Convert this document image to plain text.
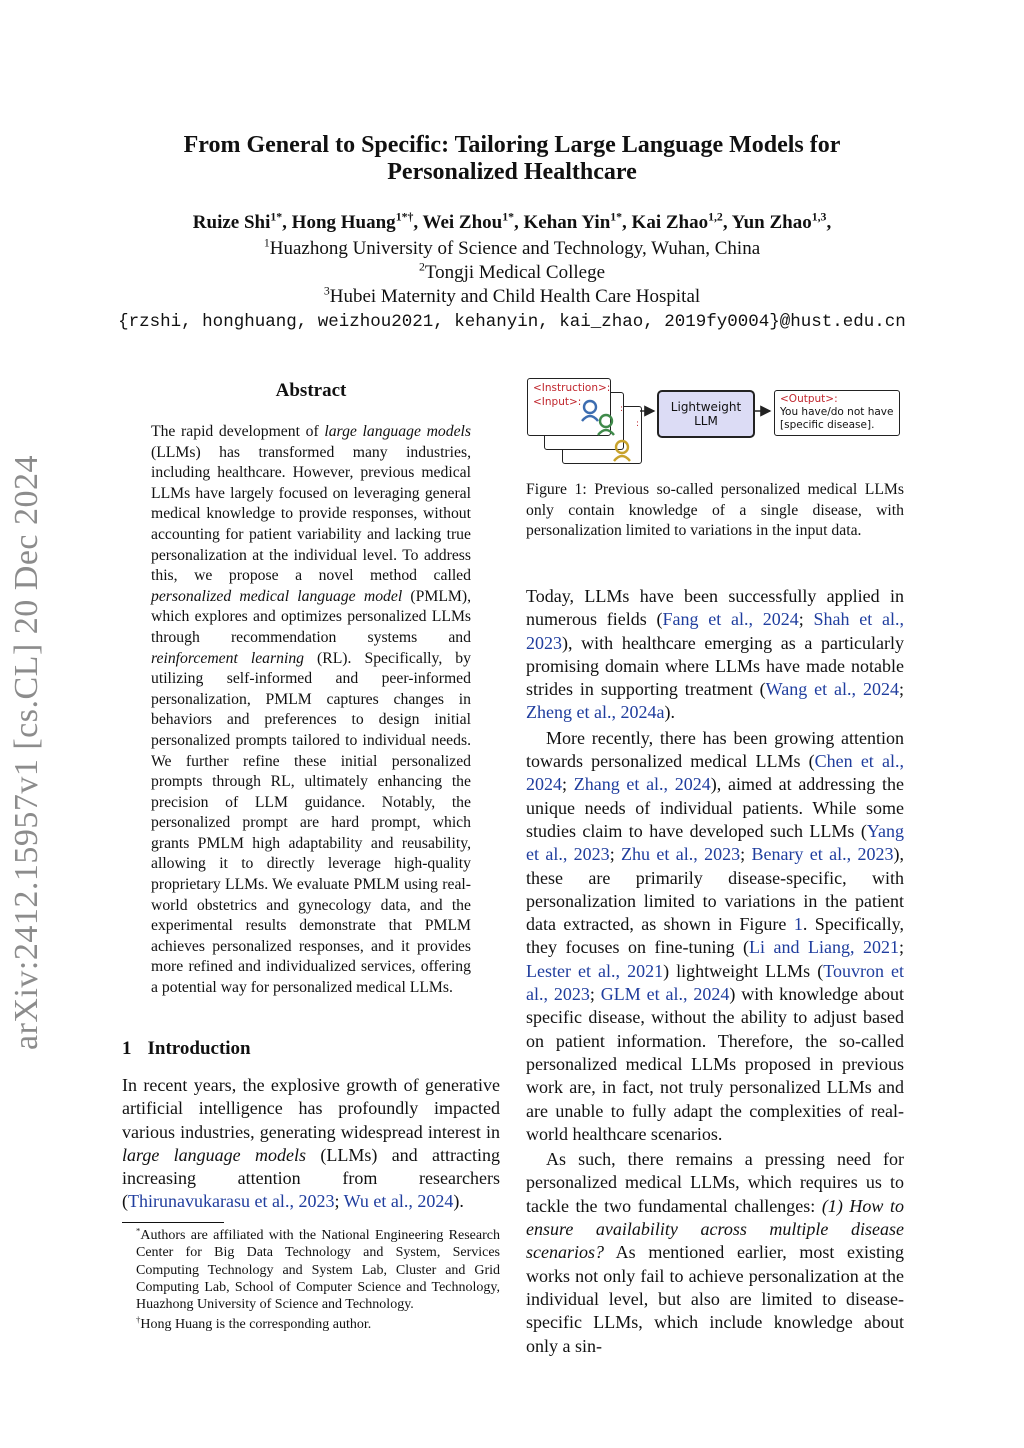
From General to Specific: Tailoring Large Language Models for
Personalized Healthcare
Ruize Shi$^{1*}$, Hong Huang$^{1*\dagger}$, Wei Zhou$^{1*}$, Kehan Yin$^{1*}$, Kai Zhao$^{1,2}$, Yun Zhao$^{1,3}$,
$^1$Huazhong University of Science and Technology, Wuhan, China
$^2$Tongji Medical College
$^3$Hubei Maternity and Child Health Care Hospital
{rzshi, honghuang, weizhou2021, kehanyin, kai_zhao, 2019fy0004}@hust.edu.cn
arXiv:2412.15957v1 [cs.CL] 20 Dec 2024
Abstract
The rapid development of large language models (LLMs) has transformed many industries, including healthcare. However, previous medical LLMs have largely focused on leveraging general medical knowledge to provide responses, without accounting for patient variability and lacking true personalization at the individual level. To address this, we propose a novel method called personalized medical language model (PMLM), which explores and optimizes personalized LLMs through recommendation systems and reinforcement learning (RL). Specifically, by utilizing self-informed and peer-informed personalization, PMLM captures changes in behaviors and preferences to design initial personalized prompts tailored to individual needs. We further refine these initial personalized prompts through RL, ultimately enhancing the precision of LLM guidance. Notably, the personalized prompt are hard prompt, which grants PMLM high adaptability and reusability, allowing it to directly leverage high-quality proprietary LLMs. We evaluate PMLM using real-world obstetrics and gynecology data, and the experimental results demonstrate that PMLM achieves personalized responses, and it provides more refined and individualized services, offering a potential way for personalized medical LLMs.
1 Introduction
In recent years, the explosive growth of generative artificial intelligence has profoundly impacted various industries, generating widespread interest in large language models (LLMs) and attracting increasing attention from researchers (Thirunavukarasu et al., 2023; Wu et al., 2024).

*Authors are affiliated with the National Engineering Research Center for Big Data Technology and System, Services Computing Technology and System Lab, Cluster and Grid Computing Lab, School of Computer Science and Technology, Huazhong University of Science and Technology.

†Hong Huang is the corresponding author.

<Instruction>:
<Input>:
:
:
Lightweight
LLM
<Output>:
You have/do not have
[specific disease].
Figure 1: Previous so-called personalized medical LLMs only contain knowledge of a single disease, with personalization limited to variations in the input data.

Today, LLMs have been successfully applied in numerous fields (Fang et al., 2024; Shah et al., 2023), with healthcare emerging as a particularly promising domain where LLMs have made notable strides in supporting treatment (Wang et al., 2024; Zheng et al., 2024a).

More recently, there has been growing attention towards personalized medical LLMs (Chen et al., 2024; Zhang et al., 2024), aimed at addressing the unique needs of individual patients. While some studies claim to have developed such LLMs (Yang et al., 2023; Zhu et al., 2023; Benary et al., 2023), these are primarily disease-specific, with personalization limited to variations in the patient data extracted, as shown in Figure 1. Specifically, they focuses on fine-tuning (Li and Liang, 2021; Lester et al., 2021) lightweight LLMs (Touvron et al., 2023; GLM et al., 2024) with knowledge about specific disease, without the ability to adjust based on patient information. Therefore, the so-called personalized medical LLMs proposed in previous work are, in fact, not truly personalized LLMs and are unable to fully adapt the complexities of real-world healthcare scenarios.

As such, there remains a pressing need for personalized medical LLMs, which requires us to tackle the two fundamental challenges: (1) How to ensure availability across multiple disease scenarios? As mentioned earlier, most existing works not only fail to achieve personalization at the individual level, but also are limited to disease-specific LLMs, which include knowledge about only a sin-
